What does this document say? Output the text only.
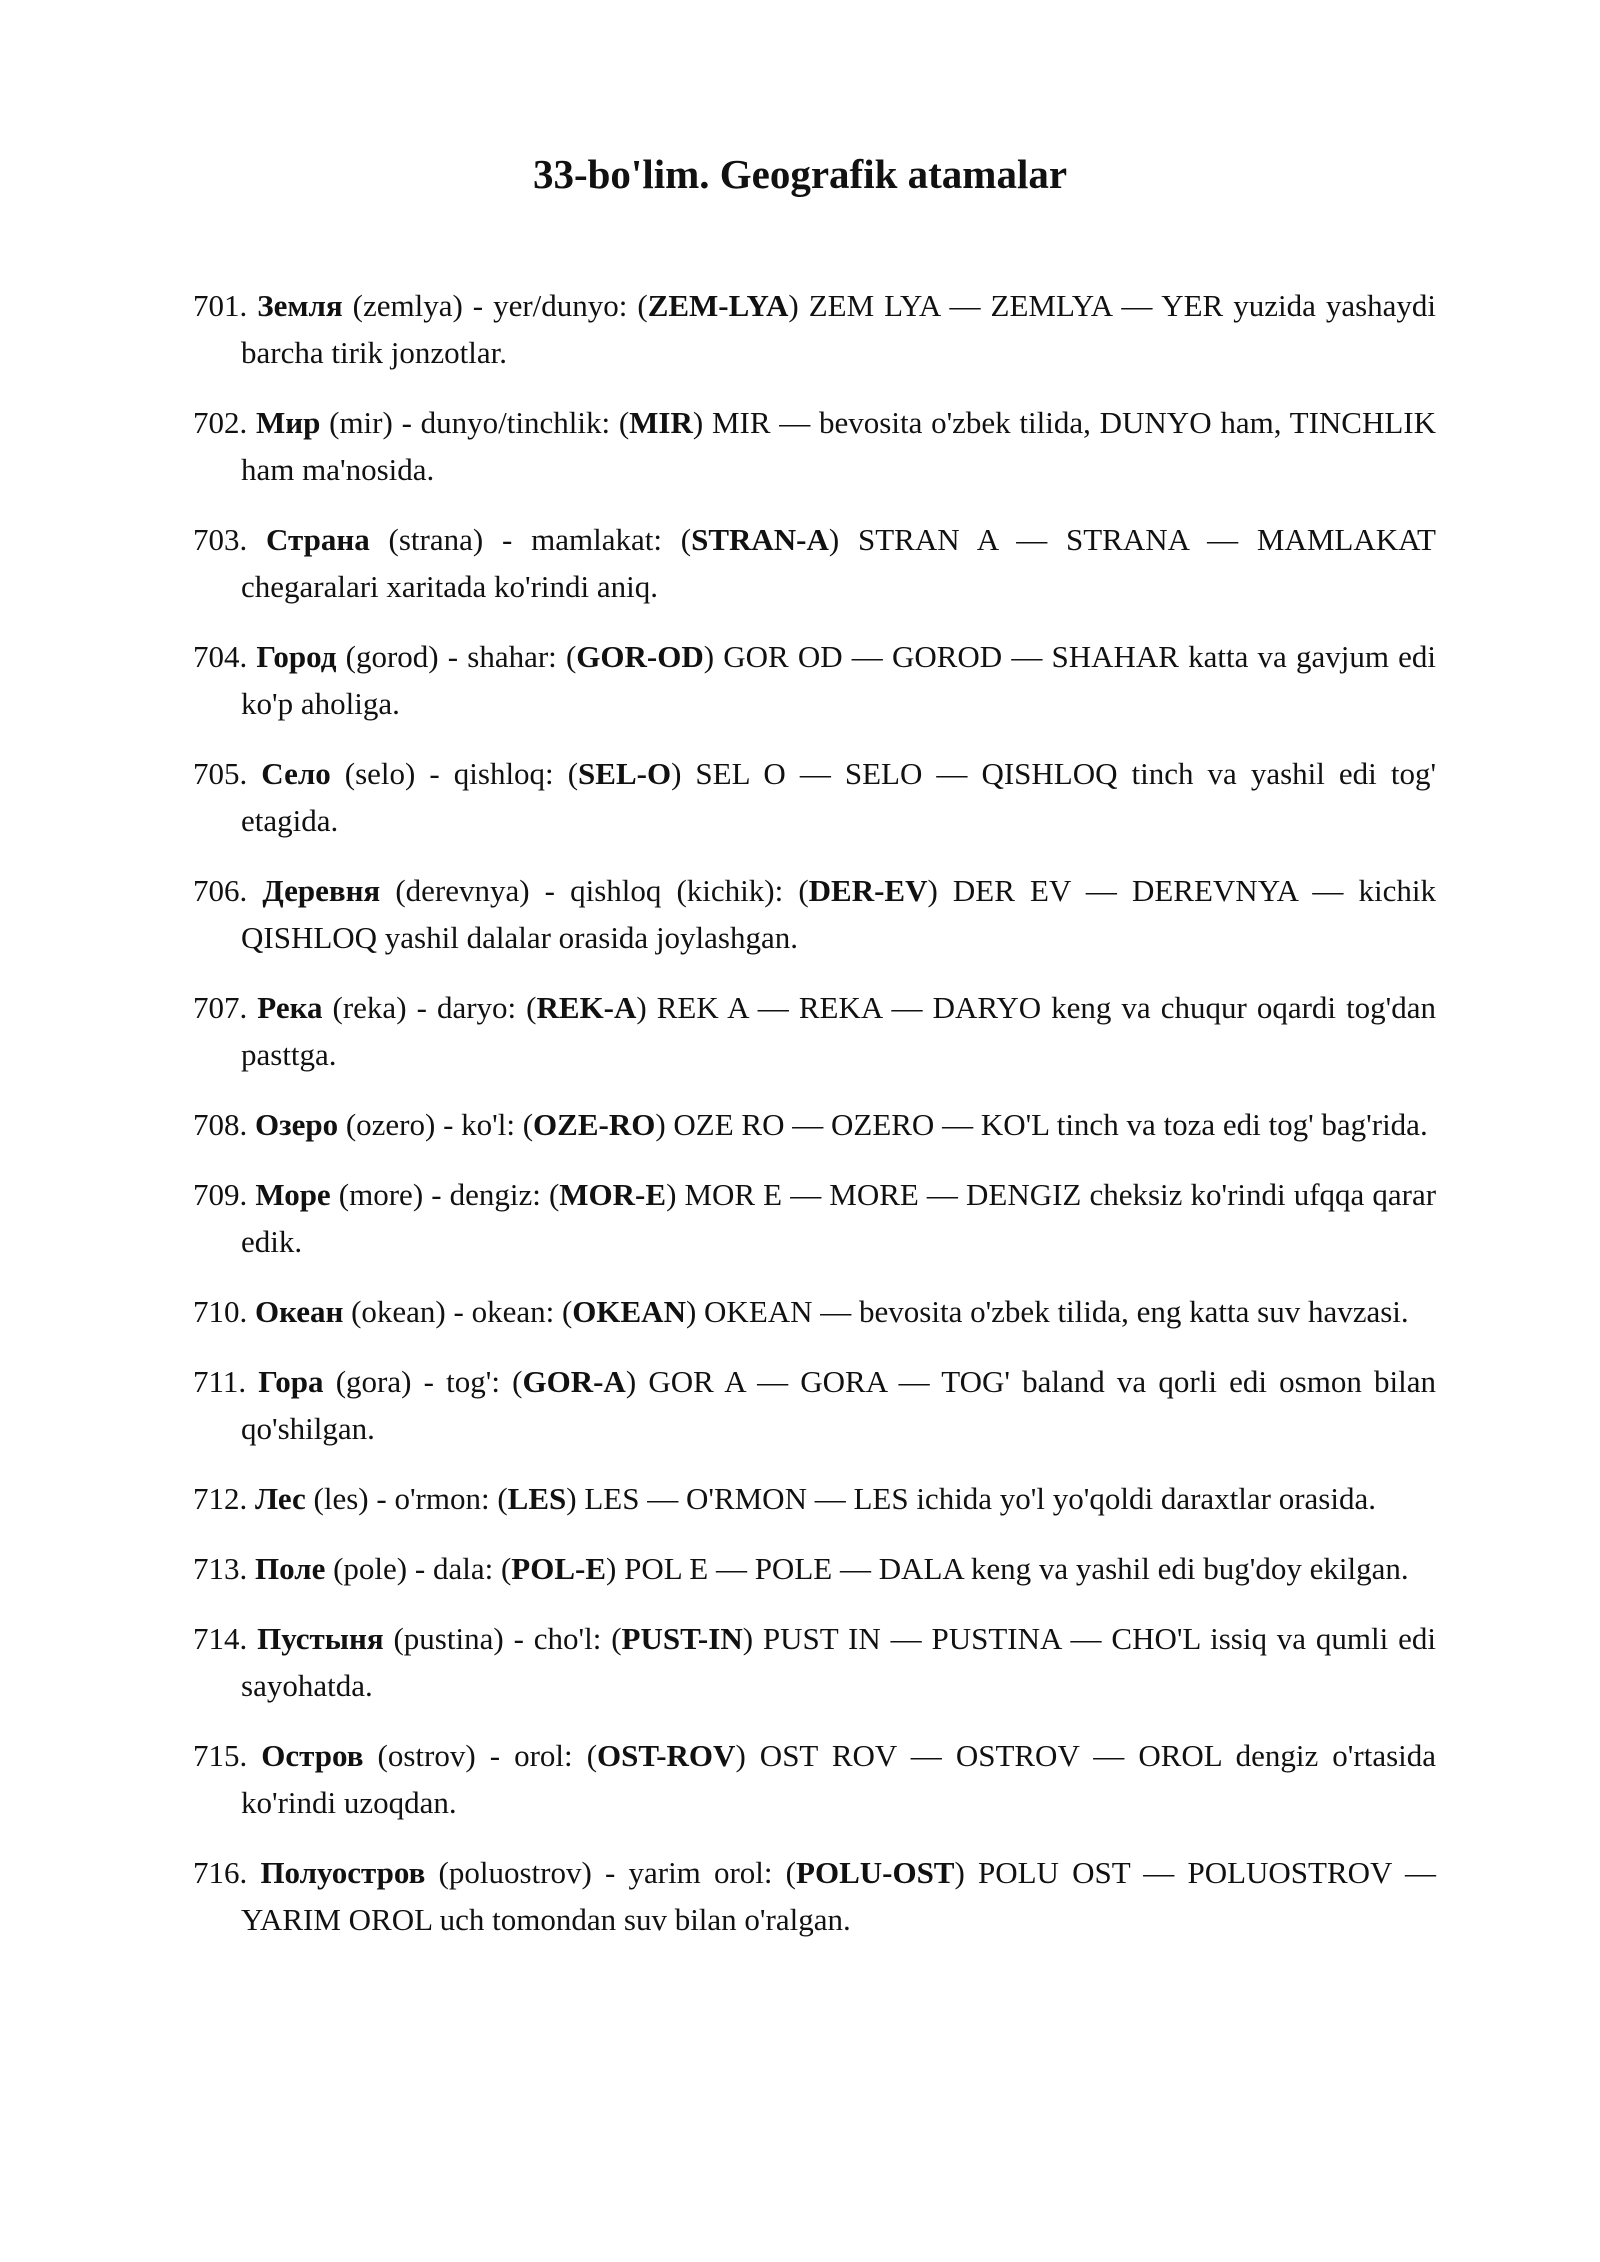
33-bo'lim. Geografik atamalar
701. Земля (zemlya) - yer/dunyo: (ZEM-LYA) ZEM LYA — ZEMLYA — YER yuzida yashaydi barcha tirik jonzotlar.
702. Мир (mir) - dunyo/tinchlik: (MIR) MIR — bevosita o'zbek tilida, DUNYO ham, TINCHLIK ham ma'nosida.
703. Страна (strana) - mamlakat: (STRAN-A) STRAN A — STRANA — MAMLAKAT chegaralari xaritada ko'rindi aniq.
704. Город (gorod) - shahar: (GOR-OD) GOR OD — GOROD — SHAHAR katta va gavjum edi ko'p aholiga.
705. Село (selo) - qishloq: (SEL-O) SEL O — SELO — QISHLOQ tinch va yashil edi tog' etagida.
706. Деревня (derevnya) - qishloq (kichik): (DER-EV) DER EV — DEREVNYA — kichik QISHLOQ yashil dalalar orasida joylashgan.
707. Река (reka) - daryo: (REK-A) REK A — REKA — DARYO keng va chuqur oqardi tog'dan pasttga.
708. Озеро (ozero) - ko'l: (OZE-RO) OZE RO — OZERO — KO'L tinch va toza edi tog' bag'rida.
709. Море (more) - dengiz: (MOR-E) MOR E — MORE — DENGIZ cheksiz ko'rindi ufqqa qarar edik.
710. Океан (okean) - okean: (OKEAN) OKEAN — bevosita o'zbek tilida, eng katta suv havzasi.
711. Гора (gora) - tog': (GOR-A) GOR A — GORA — TOG' baland va qorli edi osmon bilan qo'shilgan.
712. Лес (les) - o'rmon: (LES) LES — O'RMON — LES ichida yo'l yo'qoldi daraxtlar orasida.
713. Поле (pole) - dala: (POL-E) POL E — POLE — DALA keng va yashil edi bug'doy ekilgan.
714. Пустыня (pustina) - cho'l: (PUST-IN) PUST IN — PUSTINA — CHO'L issiq va qumli edi sayohatda.
715. Остров (ostrov) - orol: (OST-ROV) OST ROV — OSTROV — OROL dengiz o'rtasida ko'rindi uzoqdan.
716. Полуостров (poluostrov) - yarim orol: (POLU-OST) POLU OST — POLUOSTROV — YARIM OROL uch tomondan suv bilan o'ralgan.
